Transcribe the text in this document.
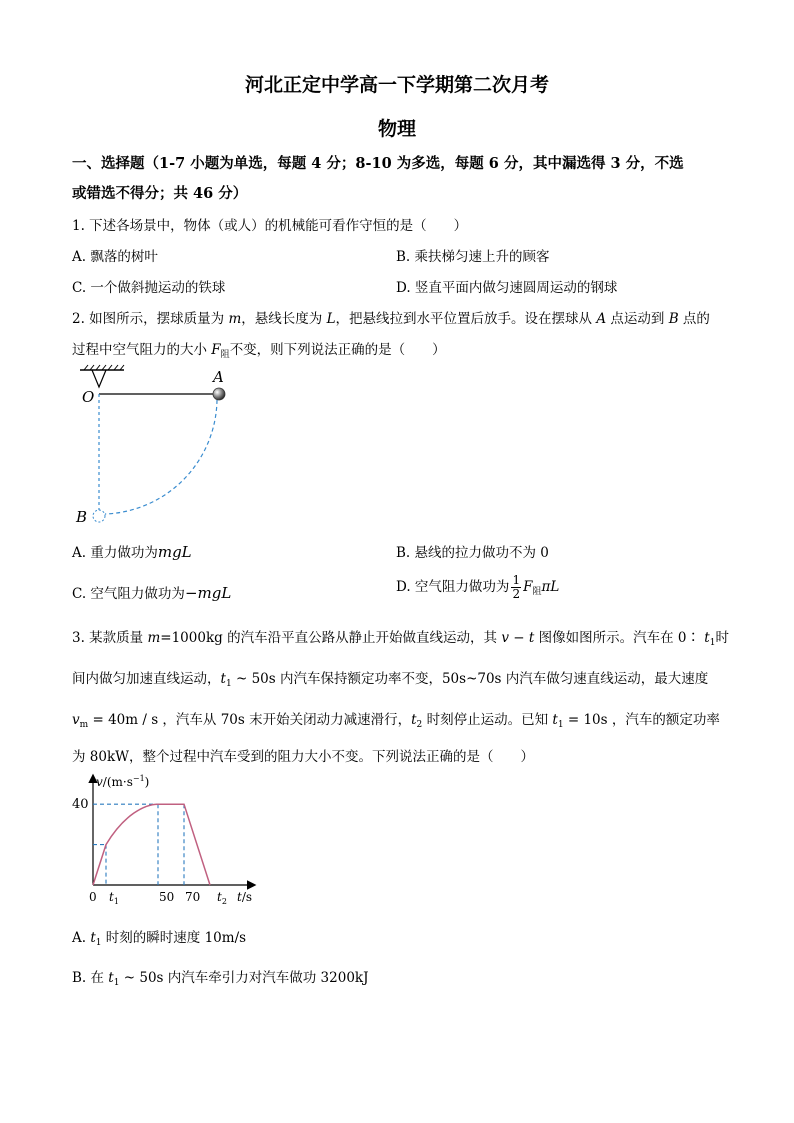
河北正定中学高一下学期第二次月考
物理
一、选择题（1-7 小题为单选，每题 4 分；8-10 为多选，每题 6 分，其中漏选得 3 分，不选
或错选不得分；共 46 分）
1. 下述各场景中，物体（或人）的机械能可看作守恒的是（　　）
A. 飘落的树叶	B. 乘扶梯匀速上升的顾客
C. 一个做斜抛运动的铁球	D. 竖直平面内做匀速圆周运动的钢球
2. 如图所示，摆球质量为 m，悬线长度为 L，把悬线拉到水平位置后放手。设在摆球从 A 点运动到 B 点的
过程中空气阻力的大小 $F_阻$不变，则下列说法正确的是（　　）
O
A
B
A. 重力做功为mgL	B. 悬线的拉力做功不为 0
C. 空气阻力做功为−mgL	D. 空气阻力做功为 $\frac{1}{2} F_阻\pi L$
3. 某款质量 m=1000kg 的汽车沿平直公路从静止开始做直线运动，其 v − t 图像如图所示。汽车在 0∶ $t_1$时
间内做匀加速直线运动，$t_1$ ~ 50s 内汽车保持额定功率不变，50s~70s 内汽车做匀速直线运动，最大速度
$v_m = 40m / s$ ，汽车从 70s 末开始关闭动力减速滑行，$t_2$ 时刻停止运动。已知 $t_1 = 10s$ ，汽车的额定功率
为 80kW，整个过程中汽车受到的阻力大小不变。下列说法正确的是（　　）
$v/(m\cdot s^{-1})$
40
0 $t_1$	50 70 $t_2$ t/s
A. $t_1$ 时刻的瞬时速度 10m/s
B. 在 $t_1$ ~ 50s 内汽车牵引力对汽车做功 3200kJ
